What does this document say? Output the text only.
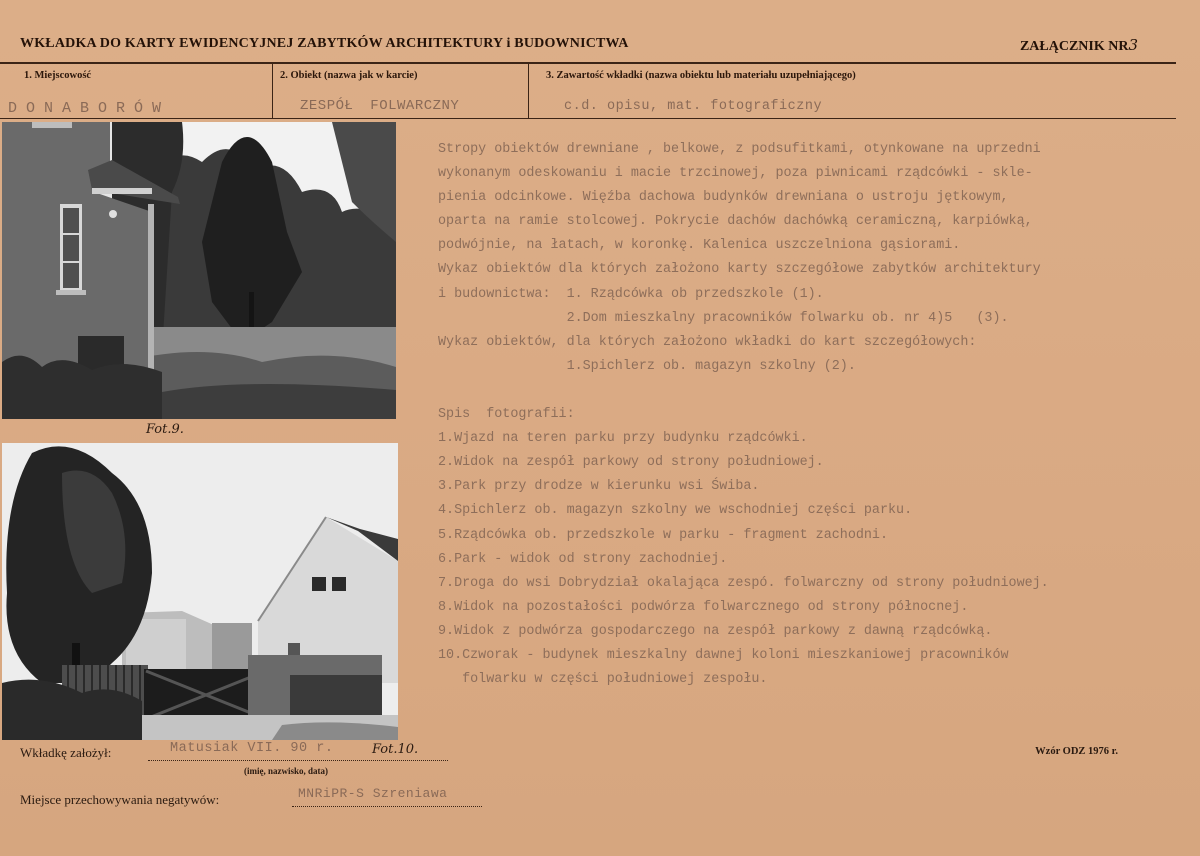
WKŁADKA DO KARTY EWIDENCYJNEJ ZABYTKÓW ARCHITEKTURY i BUDOWNICTWA	ZAŁĄCZNIK NR3
1. Miejscowość	2. Obiekt (nazwa jak w karcie)	3. Zawartość wkładki (nazwa obiektu lub materiału uzupełniającego)
DONABORÓW	ZESPÓŁ FOLWARCZNY	c.d. opisu, mat. fotograficzny
Fot.9.
Stropy obiektów drewniane , belkowe, z podsufitkami, otynkowane na uprzedni
wykonanym odeskowaniu i macie trzcinowej, poza piwnicami rządcówki - skle-
pienia odcinkowe. Więźba dachowa budynków drewniana o ustroju jętkowym,
oparta na ramie stolcowej. Pokrycie dachów dachówką ceramiczną, karpiówką,
podwójnie, na łatach, w koronkę. Kalenica uszczelniona gąsiorami.
Wykaz obiektów dla których założono karty szczegółowe zabytków architektury
i budownictwa:  1. Rządcówka ob przedszkole (1).
2.Dom mieszkalny pracowników folwarku ob. nr 4)5   (3).
Wykaz obiektów, dla których założono wkładki do kart szczegółowych:
1.Spichlerz ob. magazyn szkolny (2).
Spis  fotografii:
1.Wjazd na teren parku przy budynku rządcówki.
2.Widok na zespół parkowy od strony południowej.
3.Park przy drodze w kierunku wsi Świba.
4.Spichlerz ob. magazyn szkolny we wschodniej części parku.
5.Rządcówka ob. przedszkole w parku - fragment zachodni.
6.Park - widok od strony zachodniej.
7.Droga do wsi Dobrydział okalająca zespó. folwarczny od strony południowej.
8.Widok na pozostałości podwórza folwarcznego od strony północnej.
9.Widok z podwórza gospodarczego na zespół parkowy z dawną rządcówką.
10.Czworak - budynek mieszkalny dawnej koloni mieszkaniowej pracowników
folwarku w części południowej zespołu.
Wkładkę założył:	Matusiak VII. 90 r.	Fot.10.
(imię, nazwisko, data)
Miejsce przechowywania negatywów:	MNRiPR-S Szreniawa
Wzór ODZ 1976 r.
